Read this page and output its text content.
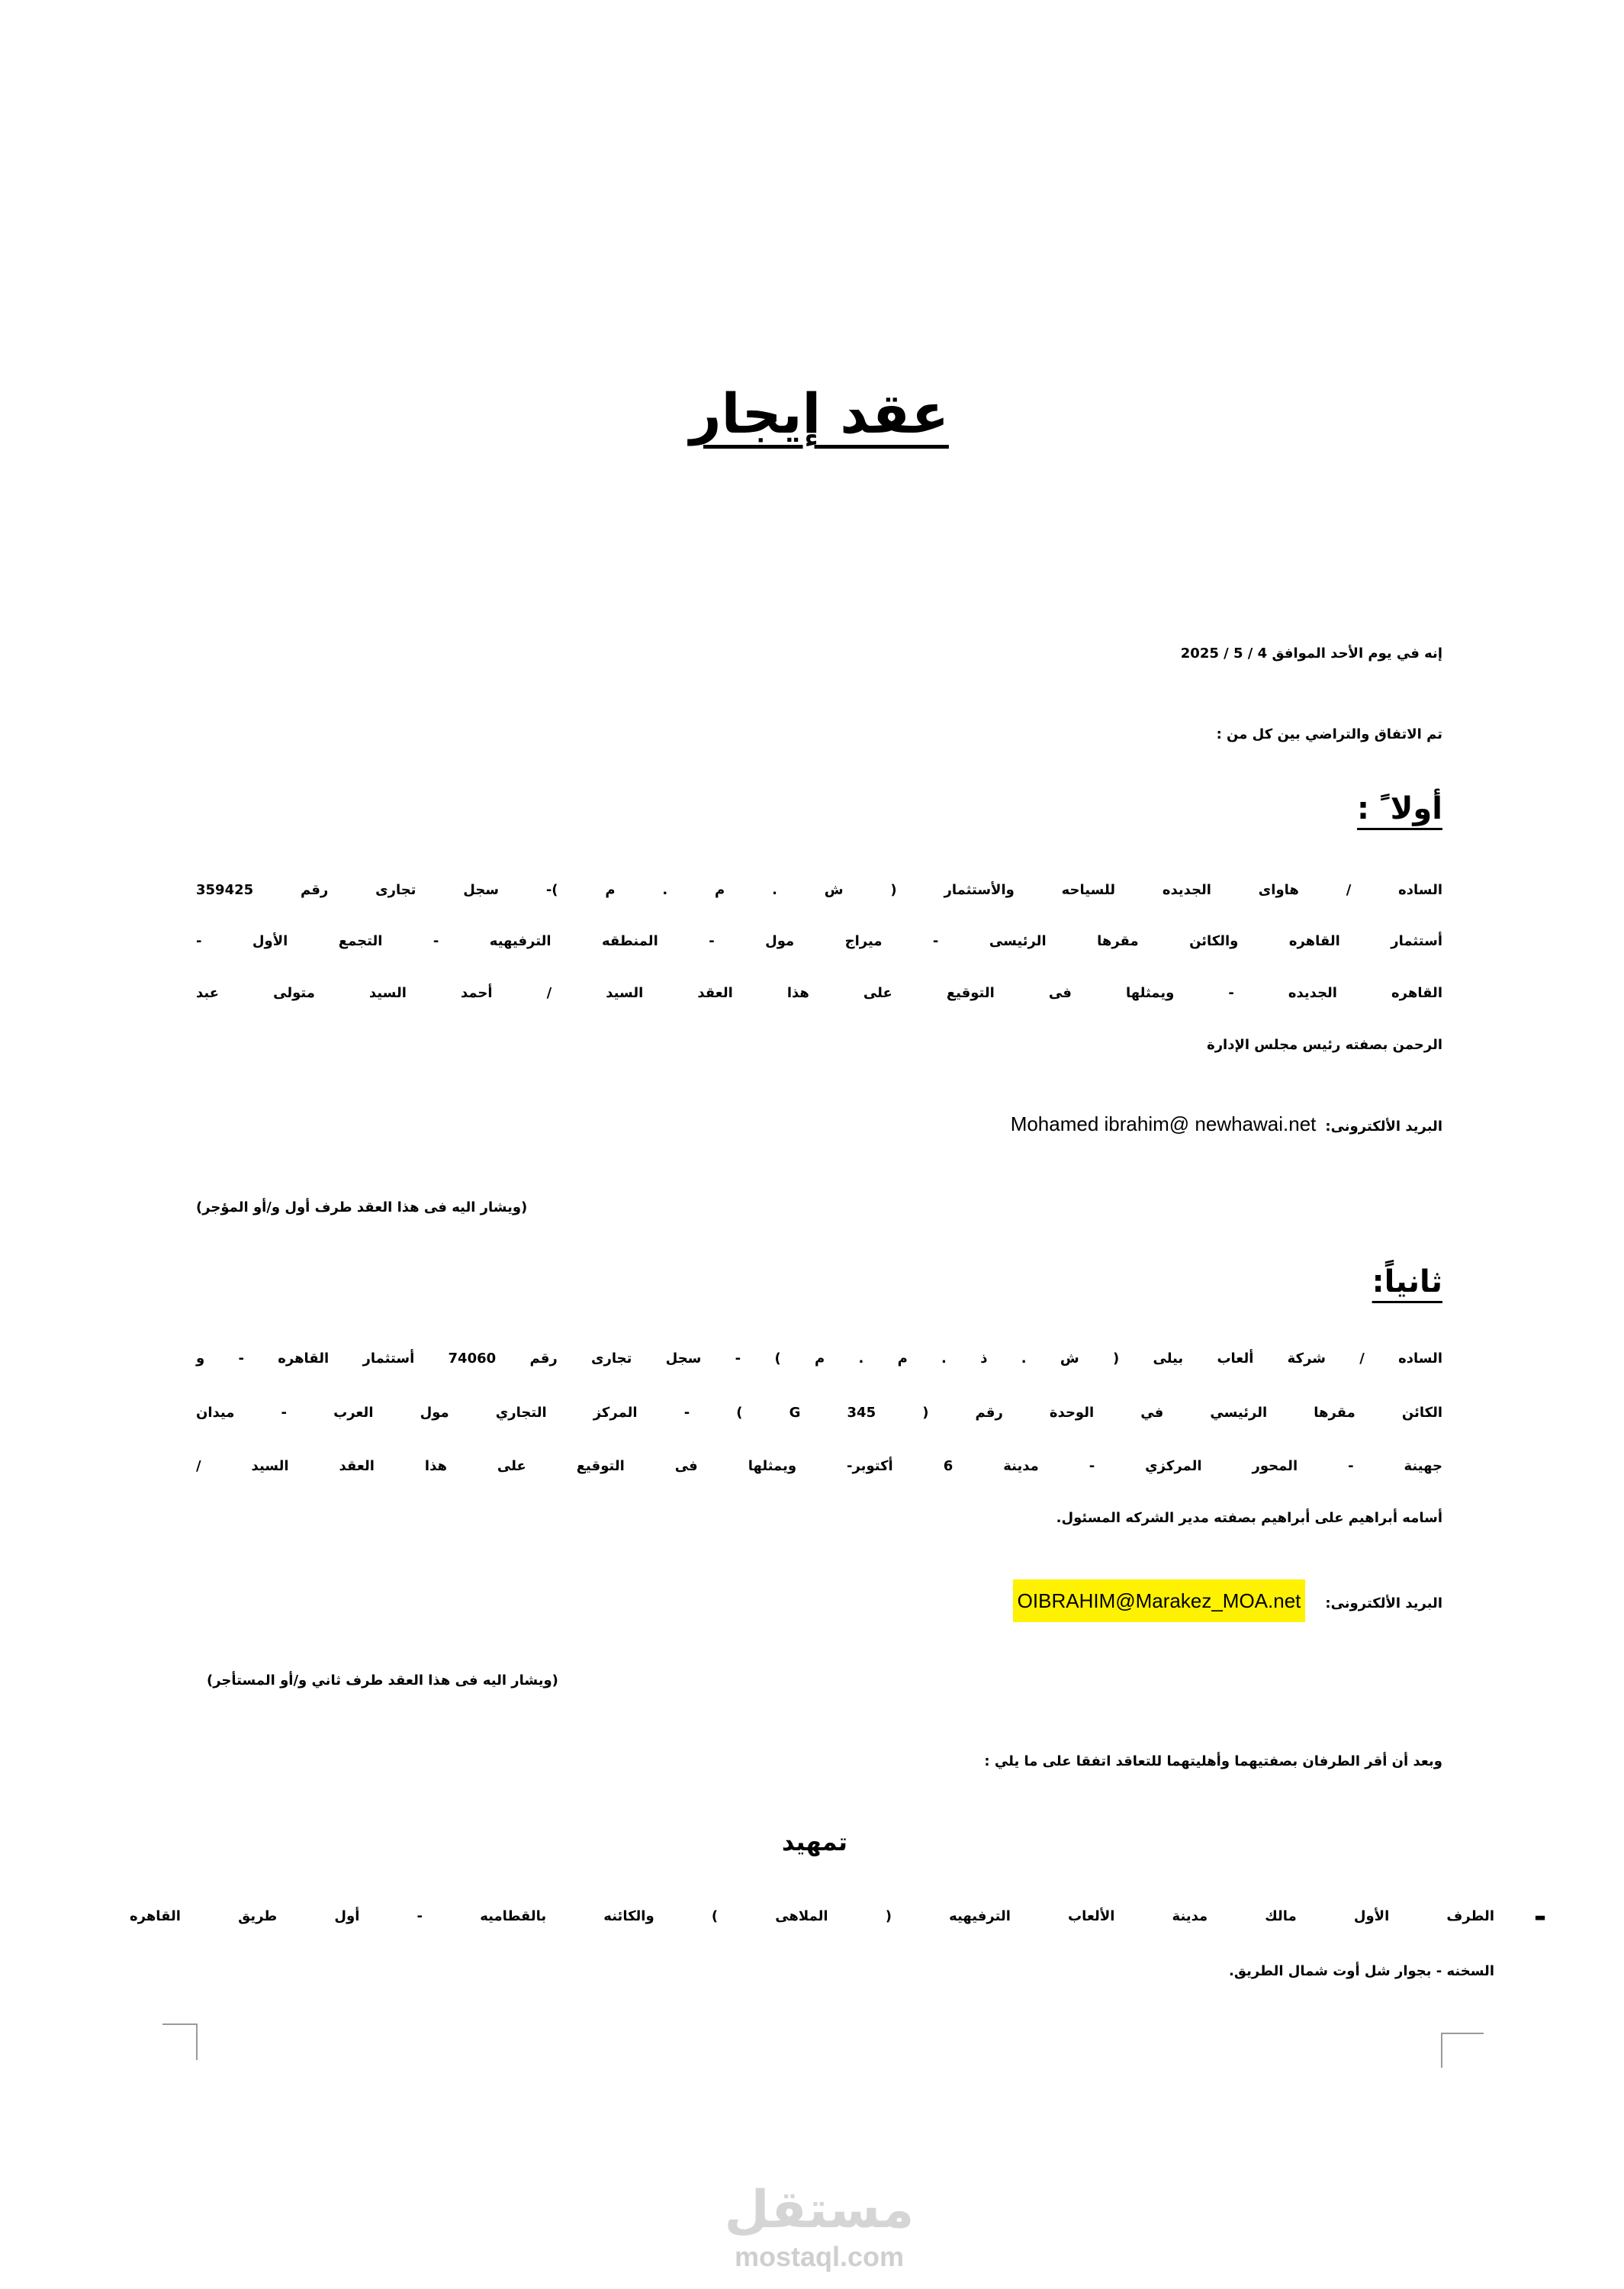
عقد إيجار
إنه في يوم الأحد الموافق 4 / 5 / 2025
تم الاتفاق والتراضي بين كل من :
أولا ً :
الساده / هاواى الجديده للسياحه والأستثمار ( ش . م . م )- سجل تجارى رقم 359425
أستثمار القاهره والكائن مقرها الرئيسى - ميراج مول - المنطقه الترفيهيه - التجمع الأول -
القاهره الجديده - ويمثلها فى التوقيع على هذا العقد السيد / أحمد السيد متولى عبد
الرحمن بصفته رئيس مجلس الإدارة
البريد الألكترونى:Mohamed ibrahim@ newhawai.net
(ويشار اليه فى هذا العقد طرف أول و/أو المؤجر)
ثانياً:
الساده / شركة ألعاب بيلى ( ش . ذ . م . م ) - سجل تجارى رقم 74060 أستثمار القاهره - و
الكائن مقرها الرئيسي في الوحدة رقم ( G 345 ) - المركز التجاري مول العرب - ميدان
جهينة - المحور المركزي - مدينة 6 أكتوبر- ويمثلها فى التوقيع على هذا العقد السيد /
أسامه أبراهيم على أبراهيم بصفته مدير الشركه المسئول.
البريد الألكترونى:OIBRAHIM@Marakez_MOA.net
(ويشار اليه فى هذا العقد طرف ثاني و/أو المستأجر)
وبعد أن أقر الطرفان بصفتيهما وأهليتهما للتعاقد اتفقا على ما يلي :
تمهيد
-
الطرف الأول مالك مدينة الألعاب الترفيهيه ( الملاهى ) والكائنه بالقطاميه - أول طريق القاهره
السخنه - بجوار شل أوت شمال الطريق.
مستقل
mostaql.com
